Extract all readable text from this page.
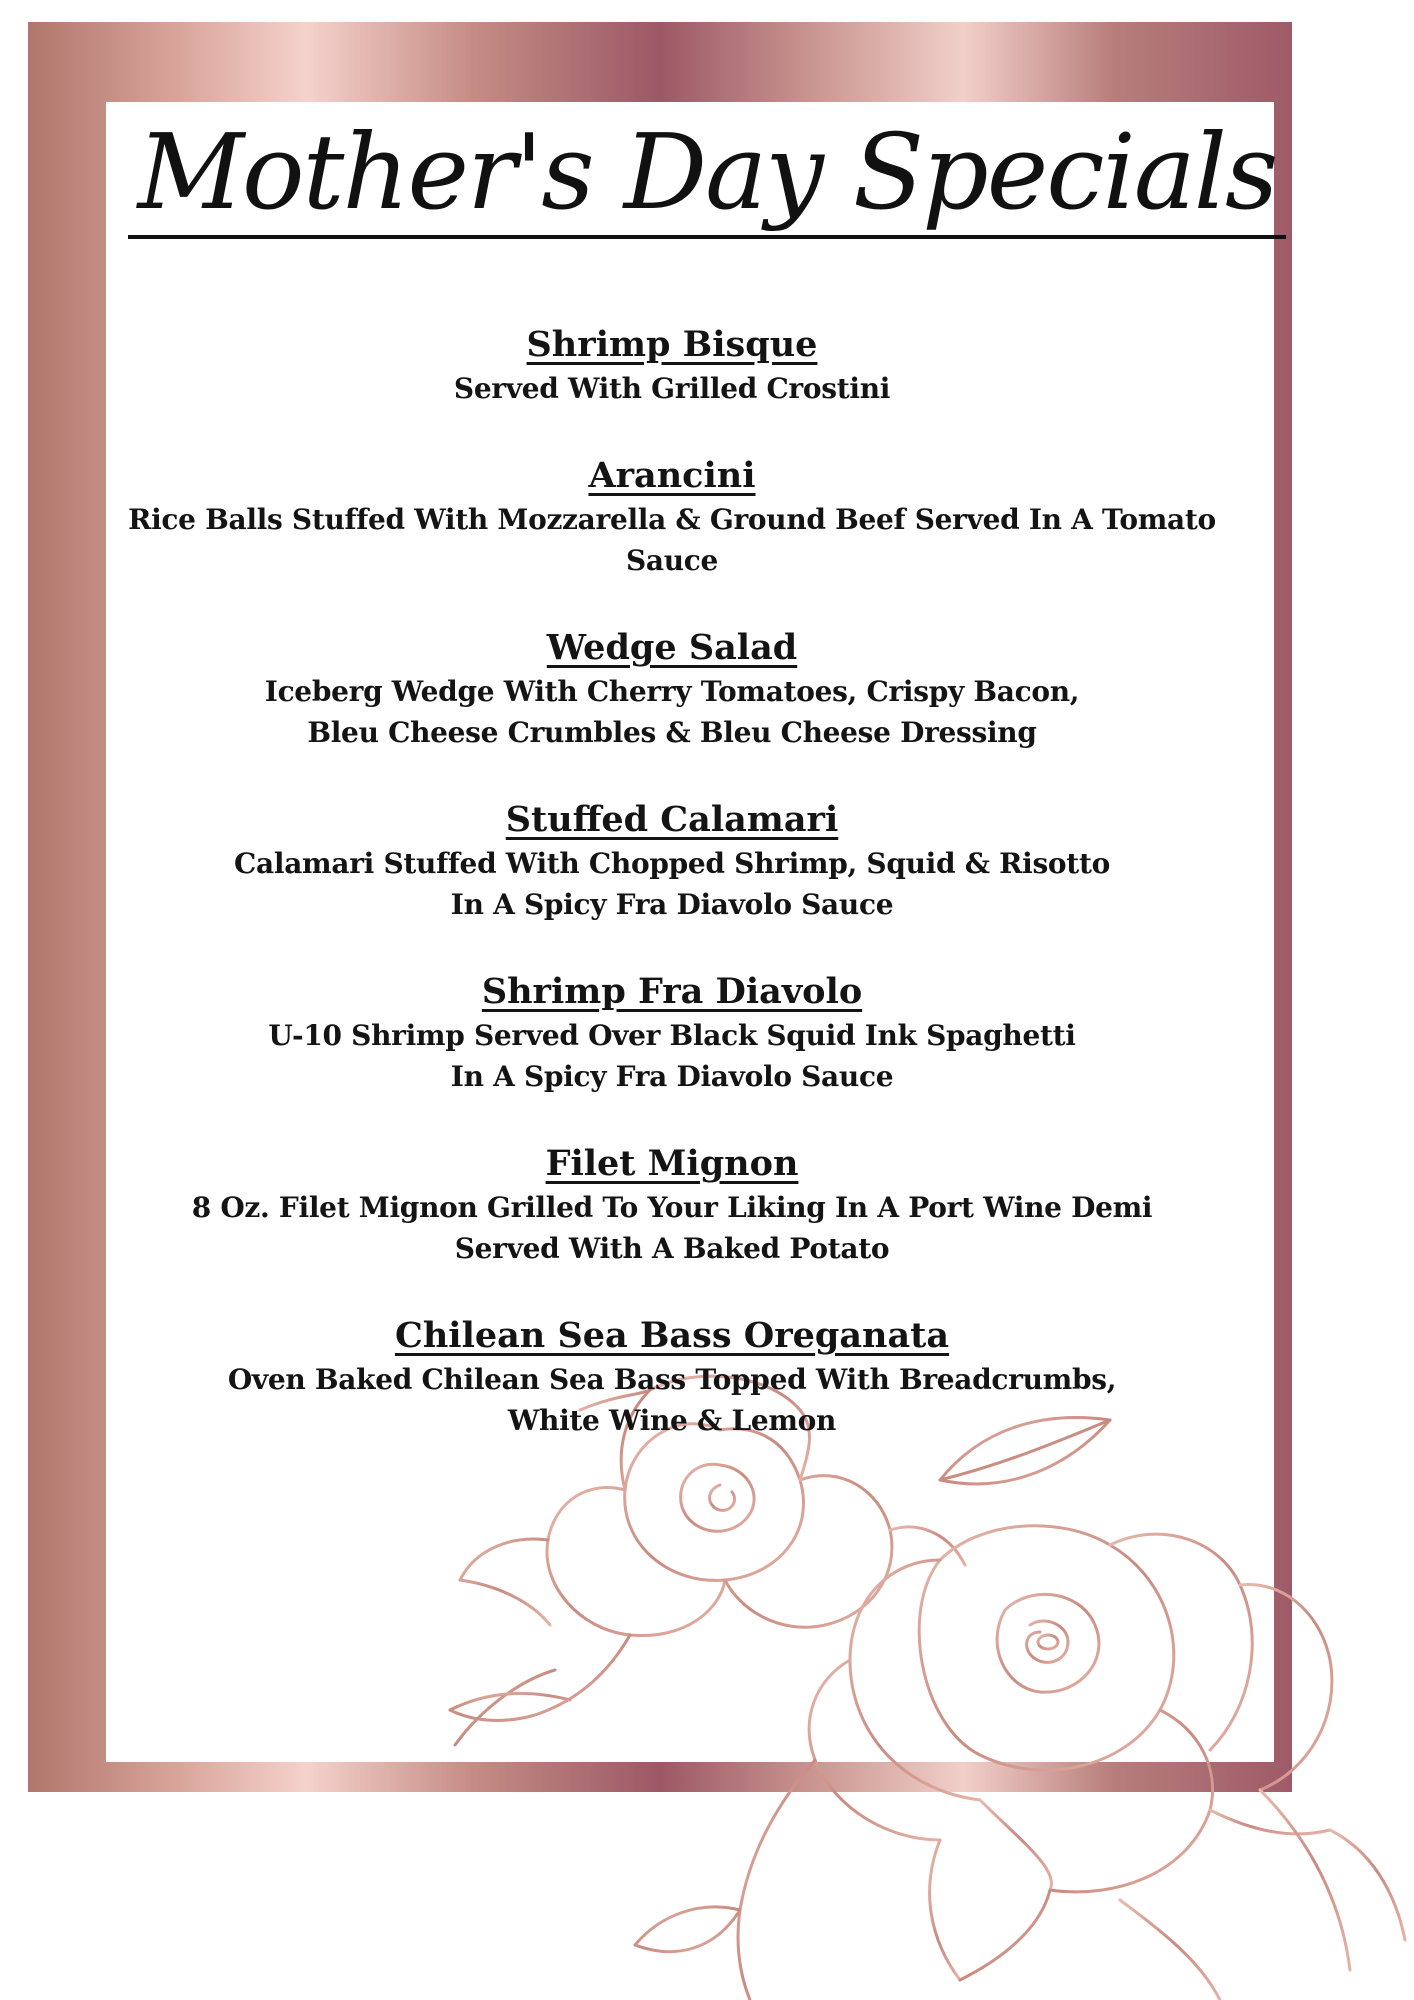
Mother's Day Specials
Shrimp Bisque
Served With Grilled Crostini
Arancini
Rice Balls Stuffed With Mozzarella & Ground Beef Served In A Tomato Sauce
Wedge Salad
Iceberg Wedge With Cherry Tomatoes, Crispy Bacon,
Bleu Cheese Crumbles & Bleu Cheese Dressing
Stuffed Calamari
Calamari Stuffed With Chopped Shrimp, Squid & Risotto
In A Spicy Fra Diavolo Sauce
Shrimp Fra Diavolo
U-10 Shrimp Served Over Black Squid Ink Spaghetti
In A Spicy Fra Diavolo Sauce
Filet Mignon
8 Oz. Filet Mignon Grilled To Your Liking In A Port Wine Demi
Served With A Baked Potato
Chilean Sea Bass Oreganata
Oven Baked Chilean Sea Bass Topped With Breadcrumbs,
White Wine & Lemon
